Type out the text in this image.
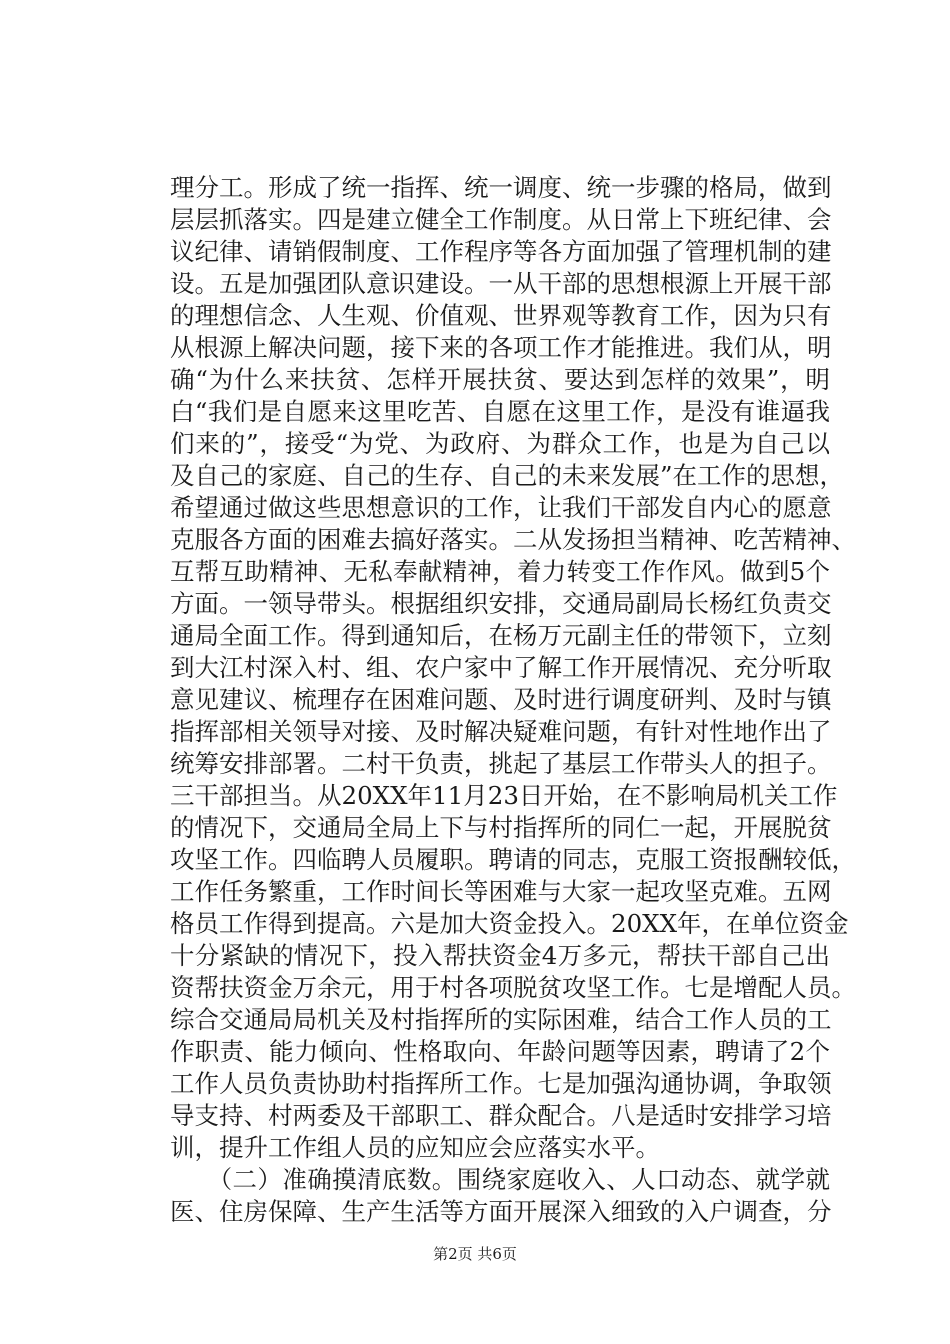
理分工。形成了统一指挥、统一调度、统一步骤的格局，做到
层层抓落实。四是建立健全工作制度。从日常上下班纪律、会
议纪律、请销假制度、工作程序等各方面加强了管理机制的建
设。五是加强团队意识建设。一从干部的思想根源上开展干部
的理想信念、人生观、价值观、世界观等教育工作，因为只有
从根源上解决问题，接下来的各项工作才能推进。我们从，明
确“为什么来扶贫、怎样开展扶贫、要达到怎样的效果”，明
白“我们是自愿来这里吃苦、自愿在这里工作，是没有谁逼我
们来的”，接受“为党、为政府、为群众工作，也是为自己以
及自己的家庭、自己的生存、自己的未来发展”在工作的思想，
希望通过做这些思想意识的工作，让我们干部发自内心的愿意
克服各方面的困难去搞好落实。二从发扬担当精神、吃苦精神、
互帮互助精神、无私奉献精神，着力转变工作作风。做到5个
方面。一领导带头。根据组织安排，交通局副局长杨红负责交
通局全面工作。得到通知后，在杨万元副主任的带领下，立刻
到大江村深入村、组、农户家中了解工作开展情况、充分听取
意见建议、梳理存在困难问题、及时进行调度研判、及时与镇
指挥部相关领导对接、及时解决疑难问题，有针对性地作出了
统筹安排部署。二村干负责，挑起了基层工作带头人的担子。
三干部担当。从20XX年11月23日开始，在不影响局机关工作
的情况下，交通局全局上下与村指挥所的同仁一起，开展脱贫
攻坚工作。四临聘人员履职。聘请的同志，克服工资报酬较低，
工作任务繁重，工作时间长等困难与大家一起攻坚克难。五网
格员工作得到提高。六是加大资金投入。20XX年，在单位资金
十分紧缺的情况下，投入帮扶资金4万多元，帮扶干部自己出
资帮扶资金万余元，用于村各项脱贫攻坚工作。七是增配人员。
综合交通局局机关及村指挥所的实际困难，结合工作人员的工
作职责、能力倾向、性格取向、年龄问题等因素，聘请了2个
工作人员负责协助村指挥所工作。七是加强沟通协调，争取领
导支持、村两委及干部职工、群众配合。八是适时安排学习培
训，提升工作组人员的应知应会应落实水平。
　　（二）准确摸清底数。围绕家庭收入、人口动态、就学就
医、住房保障、生产生活等方面开展深入细致的入户调查，分
第2页 共6页
